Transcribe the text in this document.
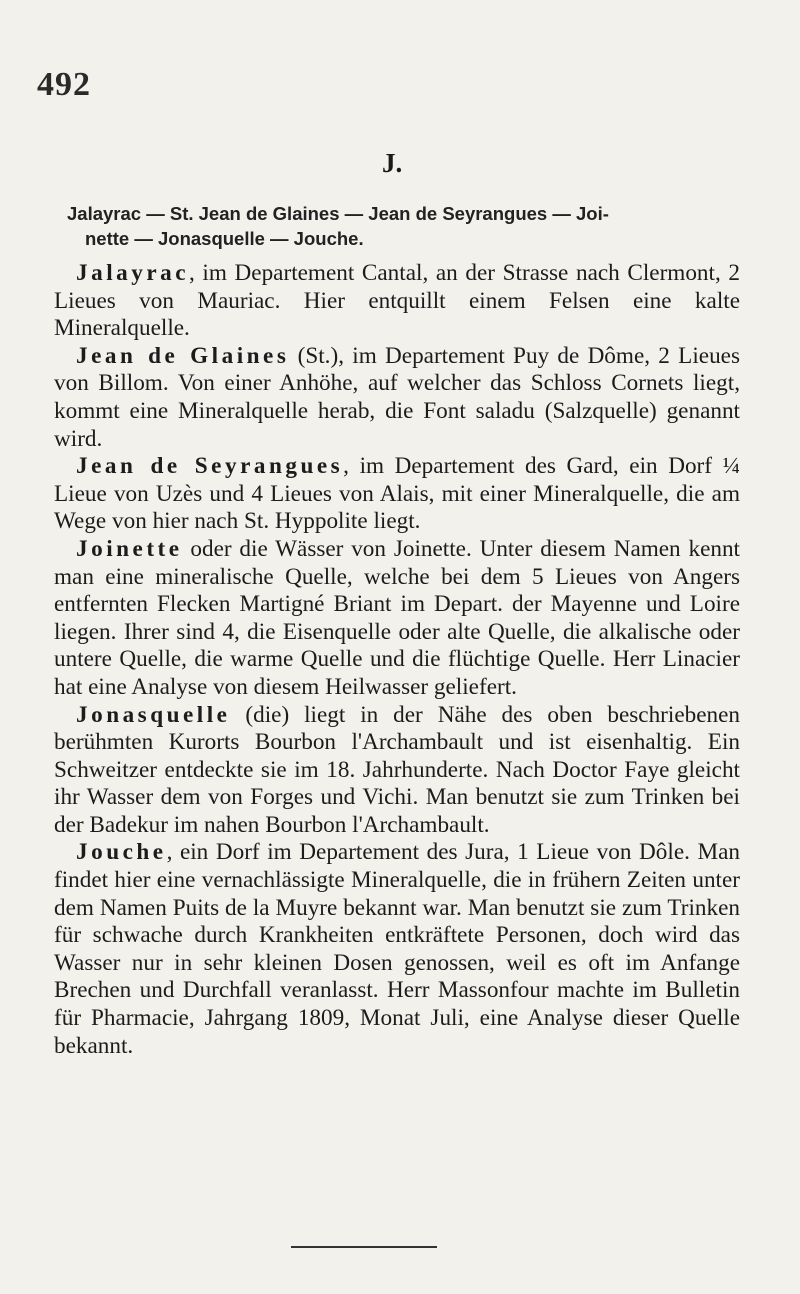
492
J.
Jalayrac — St. Jean de Glaines — Jean de Seyrangues — Joi-
nette — Jonasquelle — Jouche.

Jalayrac, im Departement Cantal, an der Strasse nach Clermont, 2 Lieues von Mauriac. Hier entquillt einem Felsen eine kalte Mineralquelle.

Jean de Glaines (St.), im Departement Puy de Dôme, 2 Lieues von Billom. Von einer Anhöhe, auf welcher das Schloss Cornets liegt, kommt eine Mineralquelle herab, die Font saladu (Salzquelle) genannt wird.

Jean de Seyrangues, im Departement des Gard, ein Dorf ¼ Lieue von Uzès und 4 Lieues von Alais, mit einer Mineralquelle, die am Wege von hier nach St. Hyppolite liegt.

Joinette oder die Wässer von Joinette. Unter diesem Namen kennt man eine mineralische Quelle, welche bei dem 5 Lieues von Angers entfernten Flecken Martigné Briant im Depart. der Mayenne und Loire liegen. Ihrer sind 4, die Eisenquelle oder alte Quelle, die alkalische oder untere Quelle, die warme Quelle und die flüchtige Quelle. Herr Linacier hat eine Analyse von diesem Heilwasser geliefert.

Jonasquelle (die) liegt in der Nähe des oben beschriebenen berühmten Kurorts Bourbon l'Archambault und ist eisenhaltig. Ein Schweitzer entdeckte sie im 18. Jahrhunderte. Nach Doctor Faye gleicht ihr Wasser dem von Forges und Vichi. Man benutzt sie zum Trinken bei der Badekur im nahen Bourbon l'Archambault.

Jouche, ein Dorf im Departement des Jura, 1 Lieue von Dôle. Man findet hier eine vernachlässigte Mineralquelle, die in frühern Zeiten unter dem Namen Puits de la Muyre bekannt war. Man benutzt sie zum Trinken für schwache durch Krankheiten entkräftete Personen, doch wird das Wasser nur in sehr kleinen Dosen genossen, weil es oft im Anfange Brechen und Durchfall veranlasst. Herr Massonfour machte im Bulletin für Pharmacie, Jahrgang 1809, Monat Juli, eine Analyse dieser Quelle bekannt.
